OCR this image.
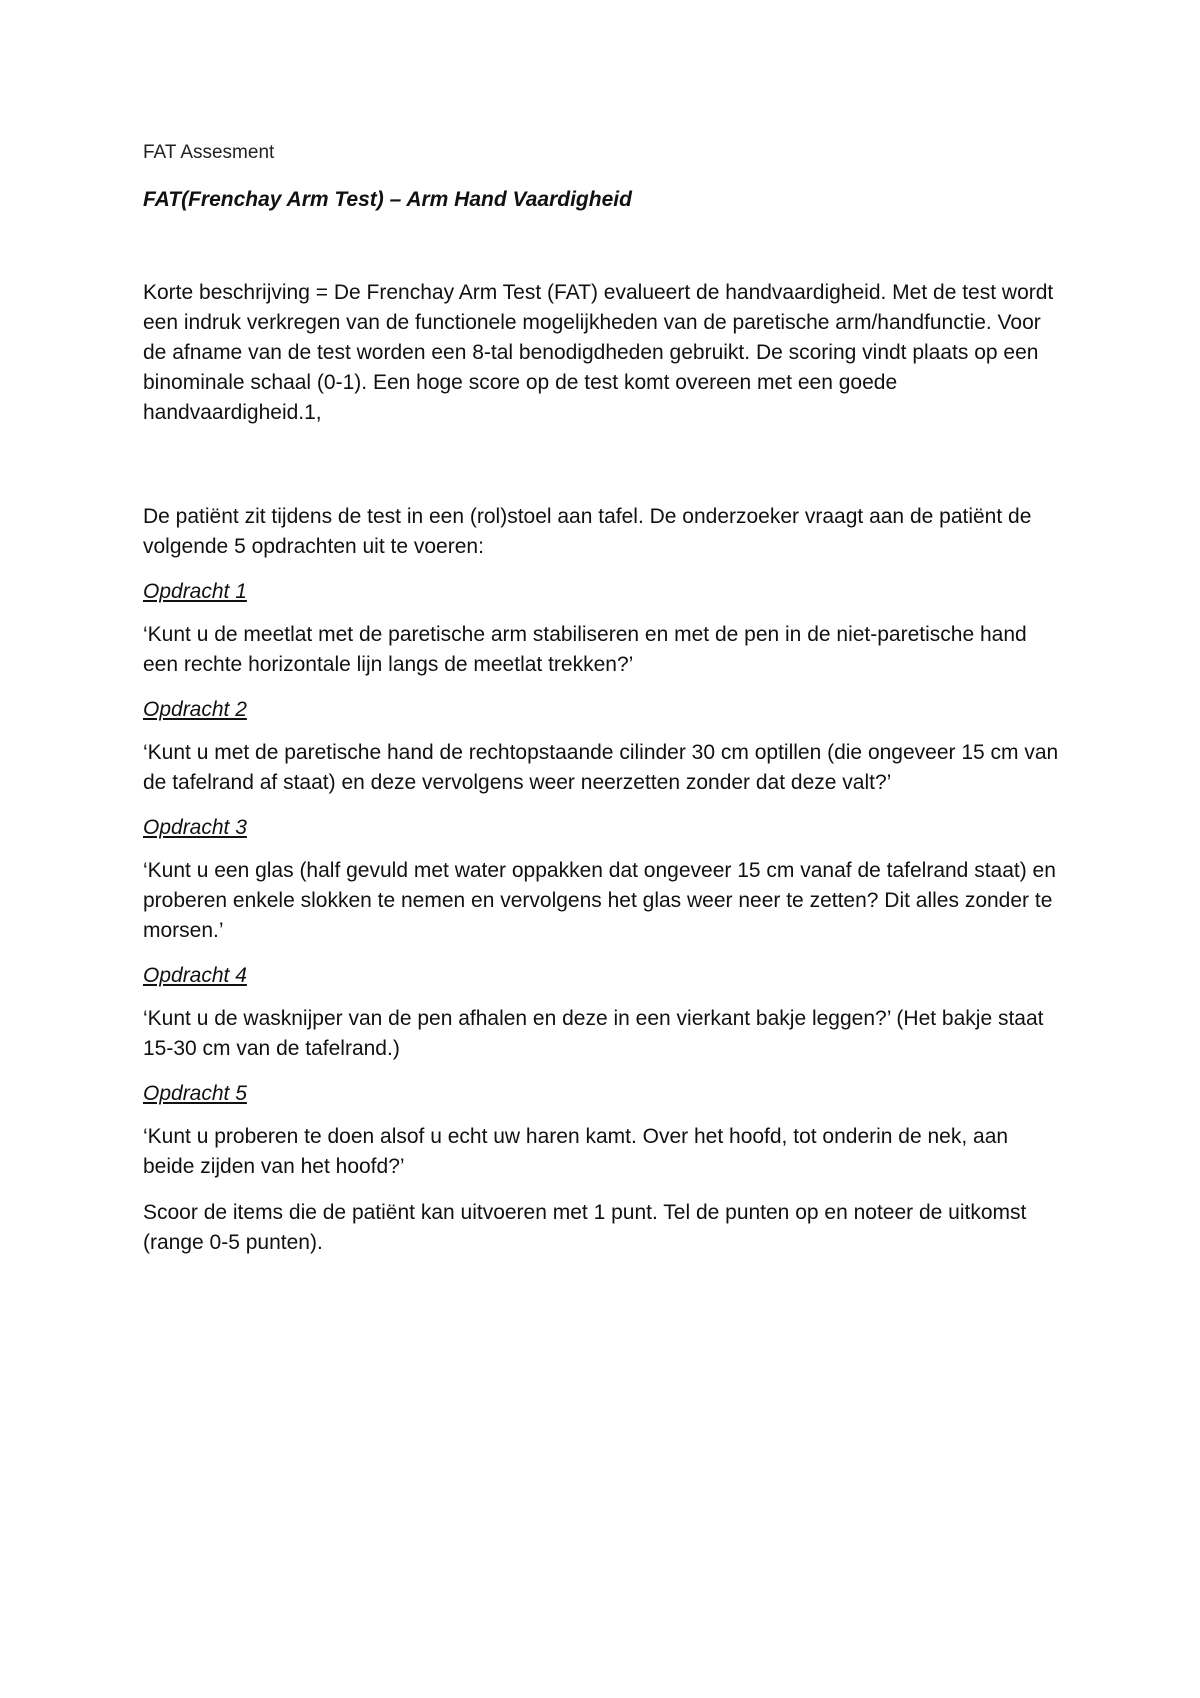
FAT Assesment

FAT(Frenchay Arm Test) – Arm Hand Vaardigheid

Korte beschrijving = De Frenchay Arm Test (FAT) evalueert de handvaardigheid. Met de test wordt een indruk verkregen van de functionele mogelijkheden van de paretische arm/handfunctie. Voor de afname van de test worden een 8-tal benodigdheden gebruikt. De scoring vindt plaats op een binominale schaal (0-1). Een hoge score op de test komt overeen met een goede handvaardigheid.1,

De patiënt zit tijdens de test in een (rol)stoel aan tafel. De onderzoeker vraagt aan de patiënt de volgende 5 opdrachten uit te voeren:

Opdracht 1

‘Kunt u de meetlat met de paretische arm stabiliseren en met de pen in de niet-paretische hand een rechte horizontale lijn langs de meetlat trekken?’

Opdracht 2

‘Kunt u met de paretische hand de rechtopstaande cilinder 30 cm optillen (die ongeveer 15 cm van de tafelrand af staat) en deze vervolgens weer neerzetten zonder dat deze valt?’

Opdracht 3

‘Kunt u een glas (half gevuld met water oppakken dat ongeveer 15 cm vanaf de tafelrand staat) en proberen enkele slokken te nemen en vervolgens het glas weer neer te zetten? Dit alles zonder te morsen.’

Opdracht 4

‘Kunt u de wasknijper van de pen afhalen en deze in een vierkant bakje leggen?’ (Het bakje staat 15-30 cm van de tafelrand.)

Opdracht 5

‘Kunt u proberen te doen alsof u echt uw haren kamt. Over het hoofd, tot onderin de nek, aan beide zijden van het hoofd?’

Scoor de items die de patiënt kan uitvoeren met 1 punt. Tel de punten op en noteer de uitkomst (range 0-5 punten).
